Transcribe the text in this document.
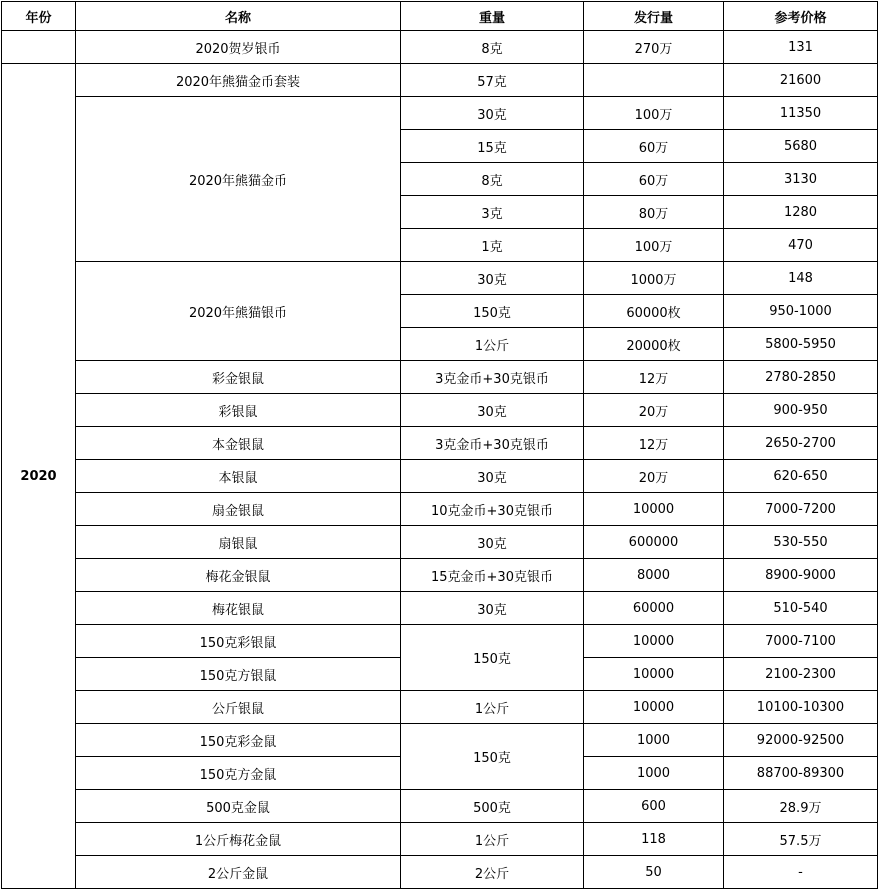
年份	名称	重量	发行量	参考价格
	2020贺岁银币	8克	270万	131
2020	2020年熊猫金币套装	57克		21600
	2020年熊猫金币	30克	100万	11350
		15克	60万	5680
		8克	60万	3130
		3克	80万	1280
		1克	100万	470
	2020年熊猫银币	30克	1000万	148
		150克	60000枚	950-1000
		1公斤	20000枚	5800-5950
	彩金银鼠	3克金币+30克银币	12万	2780-2850
	彩银鼠	30克	20万	900-950
	本金银鼠	3克金币+30克银币	12万	2650-2700
	本银鼠	30克	20万	620-650
	扇金银鼠	10克金币+30克银币	10000	7000-7200
	扇银鼠	30克	600000	530-550
	梅花金银鼠	15克金币+30克银币	8000	8900-9000
	梅花银鼠	30克	60000	510-540
	150克彩银鼠	150克	10000	7000-7100
	150克方银鼠		10000	2100-2300
	公斤银鼠	1公斤	10000	10100-10300
	150克彩金鼠	150克	1000	92000-92500
	150克方金鼠		1000	88700-89300
	500克金鼠	500克	600	28.9万
	1公斤梅花金鼠	1公斤	118	57.5万
	2公斤金鼠	2公斤	50	-
